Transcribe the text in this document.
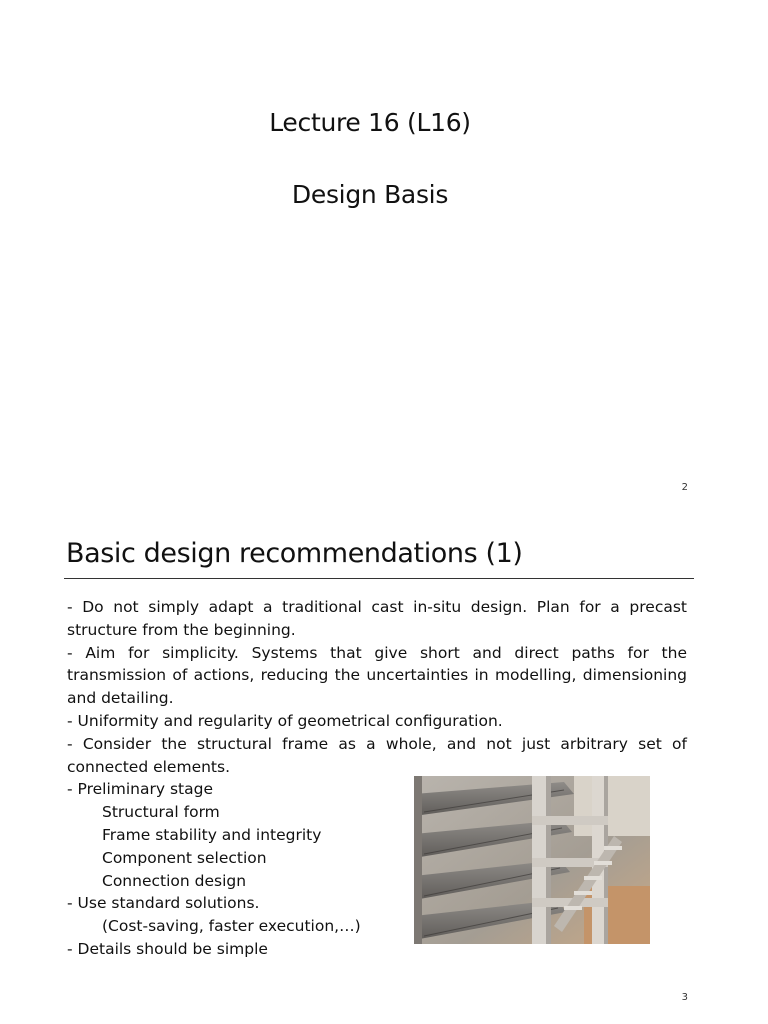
Lecture 16 (L16)
Design Basis
2
Basic design recommendations (1)
- Do not simply adapt a traditional cast in-situ design. Plan for a precast structure from the beginning.
- Aim for simplicity. Systems that give short and direct paths for the transmission of actions, reducing the uncertainties in modelling, dimensioning and detailing.
- Uniformity and regularity of geometrical configuration.
- Consider the structural frame as a whole, and not just arbitrary set of connected elements.
- Preliminary stage
Structural form
Frame stability and integrity
Component selection
Connection design
- Use standard solutions.
(Cost-saving, faster execution,…)
- Details should be simple
3
